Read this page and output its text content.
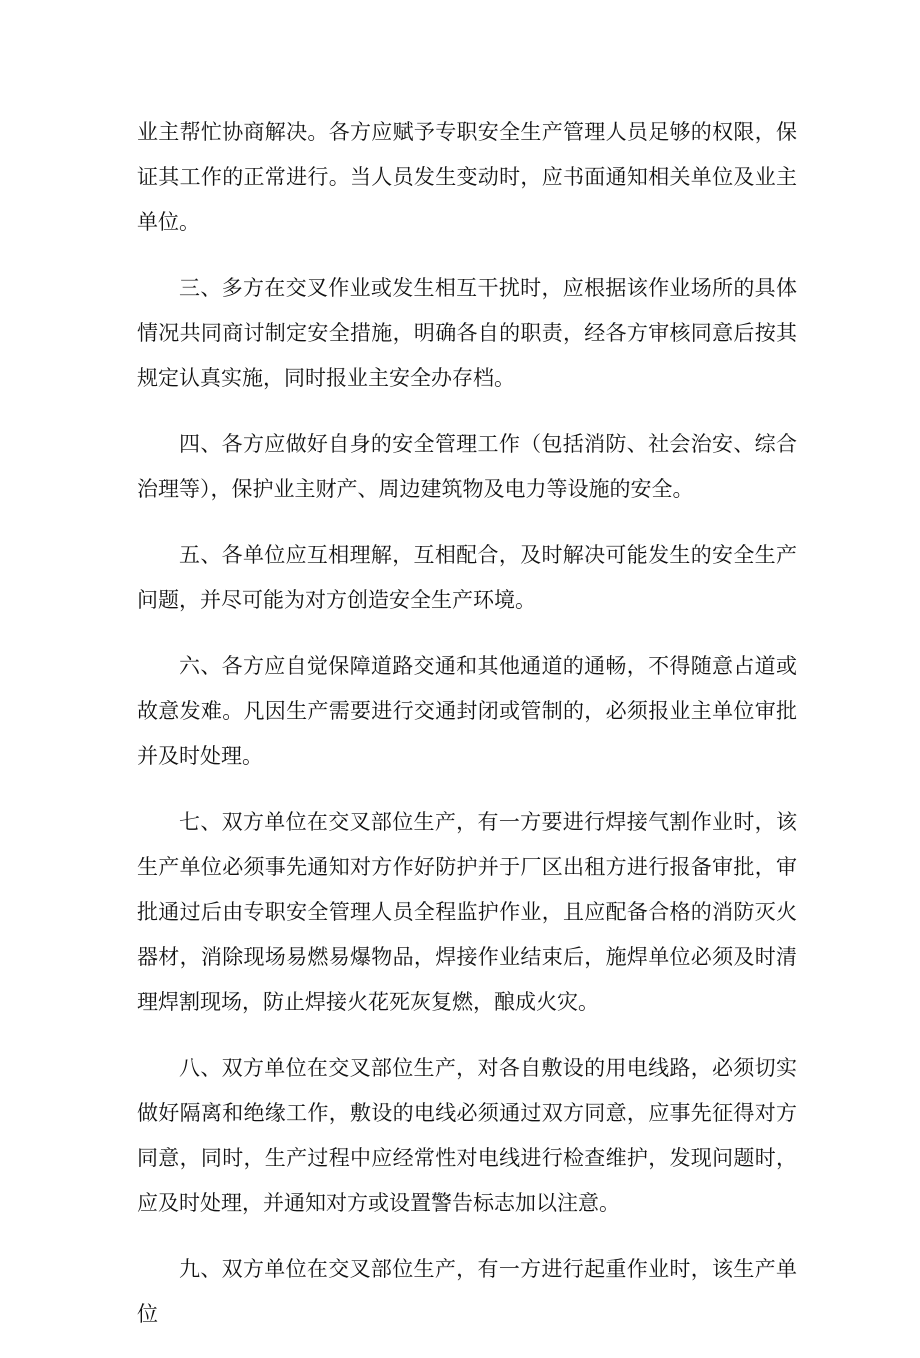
业主帮忙协商解决。各方应赋予专职安全生产管理人员足够的权限，保证其工作的正常进行。当人员发生变动时，应书面通知相关单位及业主单位。

三、多方在交叉作业或发生相互干扰时，应根据该作业场所的具体情况共同商讨制定安全措施，明确各自的职责，经各方审核同意后按其规定认真实施，同时报业主安全办存档。

四、各方应做好自身的安全管理工作（包括消防、社会治安、综合治理等），保护业主财产、周边建筑物及电力等设施的安全。

五、各单位应互相理解，互相配合，及时解决可能发生的安全生产问题，并尽可能为对方创造安全生产环境。

六、各方应自觉保障道路交通和其他通道的通畅，不得随意占道或故意发难。凡因生产需要进行交通封闭或管制的，必须报业主单位审批并及时处理。

七、双方单位在交叉部位生产，有一方要进行焊接气割作业时，该生产单位必须事先通知对方作好防护并于厂区出租方进行报备审批，审批通过后由专职安全管理人员全程监护作业，且应配备合格的消防灭火器材，消除现场易燃易爆物品，焊接作业结束后，施焊单位必须及时清理焊割现场，防止焊接火花死灰复燃，酿成火灾。

八、双方单位在交叉部位生产，对各自敷设的用电线路，必须切实做好隔离和绝缘工作，敷设的电线必须通过双方同意，应事先征得对方同意，同时，生产过程中应经常性对电线进行检查维护，发现问题时，应及时处理，并通知对方或设置警告标志加以注意。

九、双方单位在交叉部位生产，有一方进行起重作业时，该生产单位
